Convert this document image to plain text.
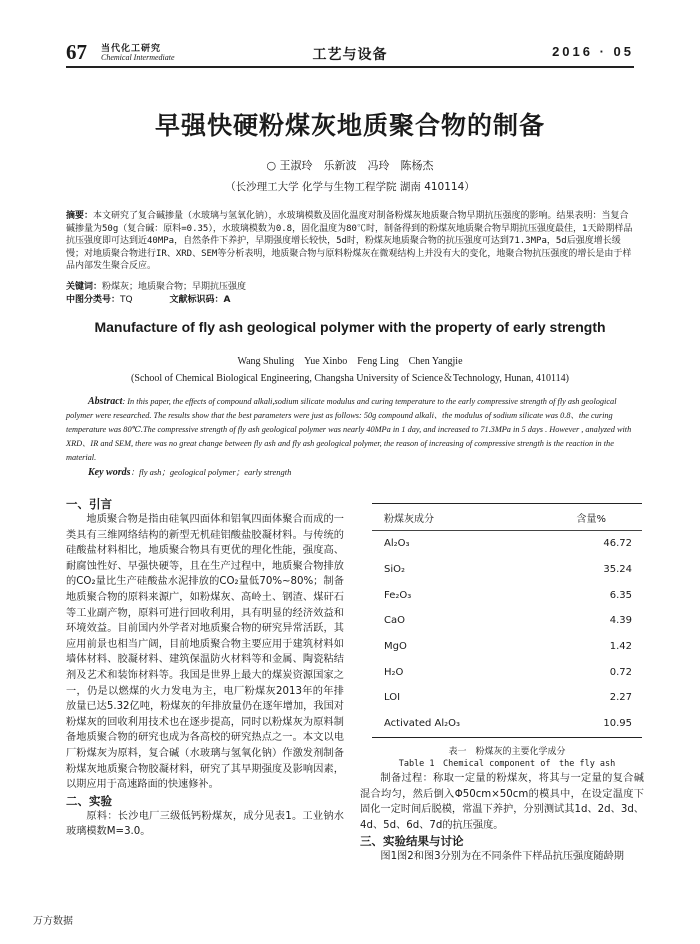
67 当代化工研究
Chemical Intermediate	工艺与设备	2016 · 05
早强快硬粉煤灰地质聚合物的制备
○ 王淑玲　乐新波　冯玲　陈杨杰
（长沙理工大学 化学与生物工程学院 湖南 410114）
摘要：本文研究了复合碱掺量（水玻璃与氢氧化钠），水玻璃模数及固化温度对制备粉煤灰地质聚合物早期抗压强度的影响。结果表明：当复合碱掺量为50g（复合碱：原料=0.35），水玻璃模数为0.8，固化温度为80℃时，制备得到的粉煤灰地质聚合物早期抗压强度最佳，1天龄期样品抗压强度即可达到近40MPa，自然条件下养护，早期强度增长较快，5d时，粉煤灰地质聚合物的抗压强度可达到71.3MPa，5d后强度增长缓慢；对地质聚合物进行IR、XRD、SEM等分析表明，地质聚合物与原料粉煤灰在微观结构上并没有大的变化，地聚合物抗压强度的增长是由于样品内部发生聚合反应。
关键词：粉煤灰；地质聚合物；早期抗压强度
中图分类号：TQ	文献标识码：A
Manufacture of fly ash geological polymer with the property of early strength
Wang Shuling　Yue Xinbo　Feng Ling　Chen Yangjie
(School of Chemical Biological Engineering, Changsha University of Science＆Technology, Hunan, 410114)
Abstract: In this paper, the effects of compound alkali,sodium silicate modulus and curing temperature to the early compressive strength of fly ash geological polymer were researched. The results show that the best parameters were just as follows: 50g compound alkali、the modulus of sodium silicate was 0.8、the curing temperature was 80℃.The compressive strength of fly ash geological polymer was nearly 40MPa in 1 day, and increased to 71.3MPa in 5 days . However , analyzed with XRD、IR and SEM, there was no great change between fly ash and fly ash geological polymer, the reason of increasing of compressive strength is the reaction in the material.
Key words：fly ash；geological polymer；early strength

一、引言

地质聚合物是指由硅氧四面体和铝氧四面体聚合而成的一类具有三维网络结构的新型无机硅铝酸盐胶凝材料。与传统的硅酸盐材料相比，地质聚合物具有更优的理化性能，强度高、耐腐蚀性好、早强快硬等，且在生产过程中，地质聚合物排放的CO₂量比生产硅酸盐水泥排放的CO₂量低70%~80%；制备地质聚合物的原料来源广，如粉煤灰、高岭土、钢渣、煤矸石等工业副产物，原料可进行回收利用，具有明显的经济效益和环境效益。目前国内外学者对地质聚合物的研究异常活跃，其应用前景也相当广阔，目前地质聚合物主要应用于建筑材料如墙体材料、胶凝材料、建筑保温防火材料等和金属、陶瓷粘结剂及艺术和装饰材料等。我国是世界上最大的煤炭资源国家之一，仍是以燃煤的火力发电为主，电厂粉煤灰2013年的年排放量已达5.32亿吨，粉煤灰的年排放量仍在逐年增加，我国对粉煤灰的回收利用技术也在逐步提高，同时以粉煤灰为原料制备地质聚合物的研究也成为各高校的研究热点之一。本文以电厂粉煤灰为原料，复合碱（水玻璃与氢氧化钠）作激发剂制备粉煤灰地质聚合物胶凝材料，研究了其早期强度及影响因素，以期应用于高速路面的快速修补。

二、实验

原料：长沙电厂三级低钙粉煤灰，成分见表1。工业钠水玻璃模数M=3.0。

粉煤灰成分	含量%
Al₂O₃	46.72
SiO₂	35.24
Fe₂O₃	6.35
CaO	4.39
MgO	1.42
H₂O	0.72
LOI	2.27
Activated Al₂O₃	10.95
表一　粉煤灰的主要化学成分
Table 1　Chemical component of　the fly ash

制备过程：称取一定量的粉煤灰，将其与一定量的复合碱混合均匀，然后倒入Φ50cm×50cm的模具中，在设定温度下固化一定时间后脱模，常温下养护，分别测试其1d、2d、3d、4d、5d、6d、7d的抗压强度。

三、实验结果与讨论

图1图2和图3分别为在不同条件下样品抗压强度随龄期

万方数据
